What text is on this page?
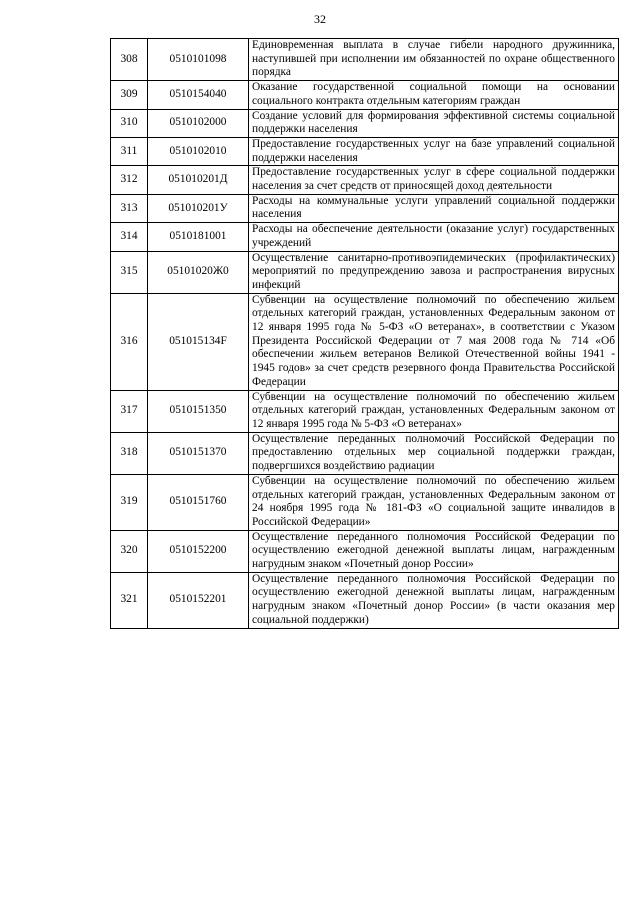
32
308	0510101098	Единовременная выплата в случае гибели народного дружинника, наступившей при исполнении им обязанностей по охране общественного порядка
309	0510154040	Оказание государственной социальной помощи на основании социального контракта отдельным категориям граждан
310	0510102000	Создание условий для формирования эффективной системы социальной поддержки населения
311	0510102010	Предоставление государственных услуг на базе управлений социальной поддержки населения
312	051010201Д	Предоставление государственных услуг в сфере социальной поддержки населения за счет средств от приносящей доход деятельности
313	051010201У	Расходы на коммунальные услуги управлений социальной поддержки населения
314	0510181001	Расходы на обеспечение деятельности (оказание услуг) государственных учреждений
315	05101020Ж0	Осуществление санитарно-противоэпидемических (профилактических) мероприятий по предупреждению завоза и распространения вирусных инфекций
316	051015134F	Субвенции на осуществление полномочий по обеспечению жильем отдельных категорий граждан, установленных Федеральным законом от 12 января 1995 года № 5-ФЗ «О ветеранах», в соответствии с Указом Президента Российской Федерации от 7 мая 2008 года № 714 «Об обеспечении жильем ветеранов Великой Отечественной войны 1941 - 1945 годов» за счет средств резервного фонда Правительства Российской Федерации
317	0510151350	Субвенции на осуществление полномочий по обеспечению жильем отдельных категорий граждан, установленных Федеральным законом от 12 января 1995 года № 5-ФЗ «О ветеранах»
318	0510151370	Осуществление переданных полномочий Российской Федерации по предоставлению отдельных мер социальной поддержки граждан, подвергшихся воздействию радиации
319	0510151760	Субвенции на осуществление полномочий по обеспечению жильем отдельных категорий граждан, установленных Федеральным законом от 24 ноября 1995 года № 181-ФЗ «О социальной защите инвалидов в Российской Федерации»
320	0510152200	Осуществление переданного полномочия Российской Федерации по осуществлению ежегодной денежной выплаты лицам, награжденным нагрудным знаком «Почетный донор России»
321	0510152201	Осуществление переданного полномочия Российской Федерации по осуществлению ежегодной денежной выплаты лицам, награжденным нагрудным знаком «Почетный донор России» (в части оказания мер социальной поддержки)
